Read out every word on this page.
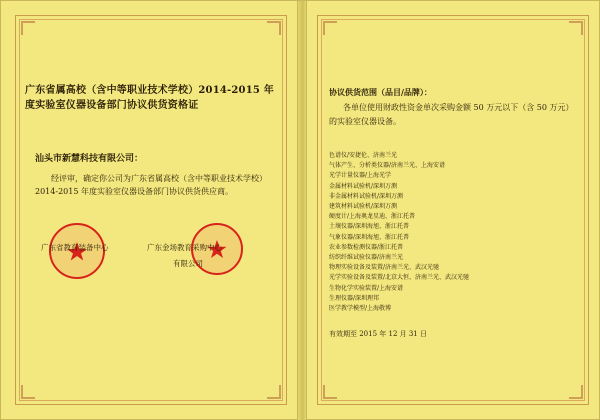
广东省属高校（含中等职业技术学校）2014-2015 年度实验室仪器设备部门协议供货资格证
汕头市新慧科技有限公司：
经评审，确定你公司为广东省属高校（含中等职业技术学校）2014-2015 年度实验室仪器设备部门协议供货供应商。
广东省教育装备中心	广东金场教育采购中心
有限公司
协议供货范围（品目/品牌）：
各单位使用财政性资金单次采购金额 50 万元以下（含 50 万元）的实验室仪器设备。
色谱仪/安捷伦、济南兰光
气体产生、分析类仪器/济南兰光、上海安谱
光学计量仪器/上海光学
金属材料试验机/深圳万测
非金属材料试验机/深圳万测
建筑材料试验机/深圳万测
硬度计/上海奥龙星迪、浙江托普
土壤仪器/深圳海旭、浙江托普
气象仪器/深圳海旭、浙江托普
农业参数检测仪器/浙江托普
纺织纤维试验仪器/济南兰光
物理实验设备及装置/济南兰光、武汉光驰
光学实验设备及装置/北京大恒、济南兰光、武汉光驰
生物化学实验装置/上海安谱
生理仪器/深圳理邦
医学教学模型/上海敬博
有效期至 2015 年 12 月 31 日
